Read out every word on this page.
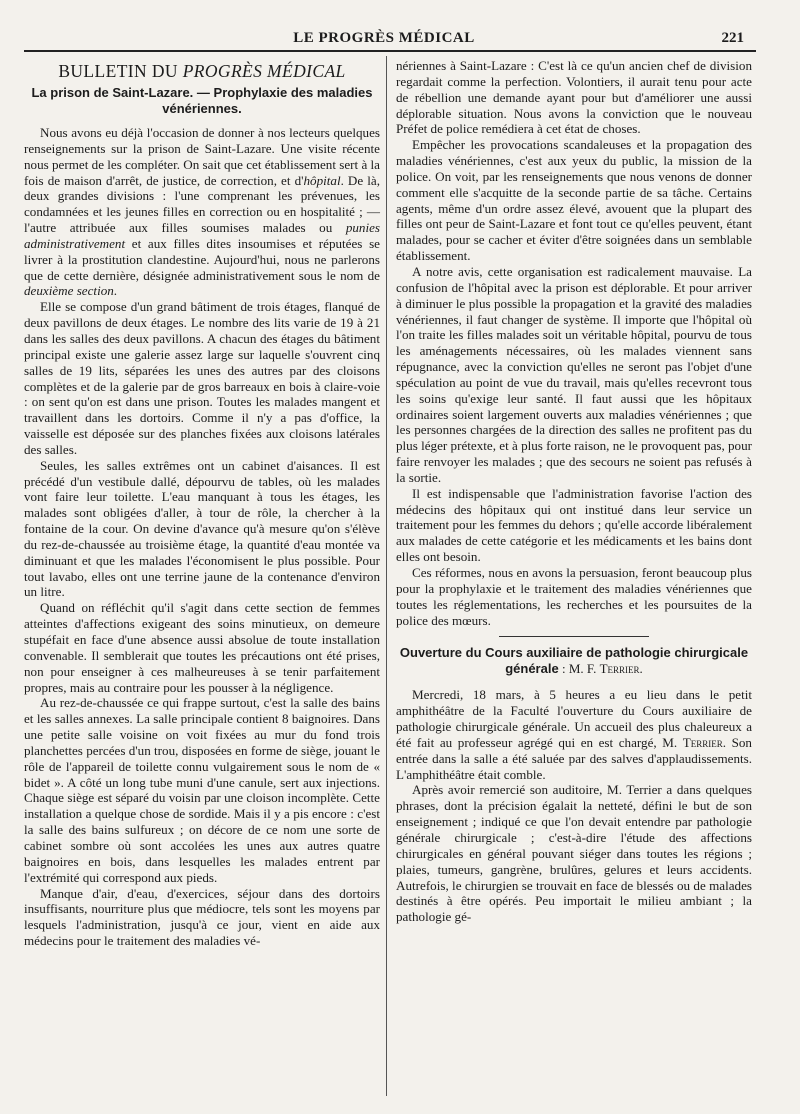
LE PROGRÈS MÉDICAL	221
BULLETIN DU PROGRÈS MÉDICAL
La prison de Saint-Lazare. — Prophylaxie des maladies vénériennes.

Nous avons eu déjà l'occasion de donner à nos lecteurs quelques renseignements sur la prison de Saint-Lazare. Une visite récente nous permet de les compléter. On sait que cet établissement sert à la fois de maison d'arrêt, de justice, de correction, et d'hôpital. De là, deux grandes divisions : l'une comprenant les prévenues, les condamnées et les jeunes filles en correction ou en hospitalité ; — l'autre attribuée aux filles soumises malades ou punies administrativement et aux filles dites insoumises et réputées se livrer à la prostitution clandestine. Aujourd'hui, nous ne parlerons que de cette dernière, désignée administrativement sous le nom de deuxième section.

Elle se compose d'un grand bâtiment de trois étages, flanqué de deux pavillons de deux étages. Le nombre des lits varie de 19 à 21 dans les salles des deux pavillons. A chacun des étages du bâtiment principal existe une galerie assez large sur laquelle s'ouvrent cinq salles de 19 lits, séparées les unes des autres par des cloisons complètes et de la galerie par de gros barreaux en bois à claire-voie : on sent qu'on est dans une prison. Toutes les malades mangent et travaillent dans les dortoirs. Comme il n'y a pas d'office, la vaisselle est déposée sur des planches fixées aux cloisons latérales des salles.

Seules, les salles extrêmes ont un cabinet d'aisances. Il est précédé d'un vestibule dallé, dépourvu de tables, où les malades vont faire leur toilette. L'eau manquant à tous les étages, les malades sont obligées d'aller, à tour de rôle, la chercher à la fontaine de la cour. On devine d'avance qu'à mesure qu'on s'élève du rez-de-chaussée au troisième étage, la quantité d'eau montée va diminuant et que les malades l'économisent le plus possible. Pour tout lavabo, elles ont une terrine jaune de la contenance d'environ un litre.

Quand on réfléchit qu'il s'agit dans cette section de femmes atteintes d'affections exigeant des soins minutieux, on demeure stupéfait en face d'une absence aussi absolue de toute installation convenable. Il semblerait que toutes les précautions ont été prises, non pour enseigner à ces malheureuses à se tenir parfaitement propres, mais au contraire pour les pousser à la négligence.

Au rez-de-chaussée ce qui frappe surtout, c'est la salle des bains et les salles annexes. La salle principale contient 8 baignoires. Dans une petite salle voisine on voit fixées au mur du fond trois planchettes percées d'un trou, disposées en forme de siège, jouant le rôle de l'appareil de toilette connu vulgairement sous le nom de « bidet ». A côté un long tube muni d'une canule, sert aux injections. Chaque siège est séparé du voisin par une cloison incomplète. Cette installation a quelque chose de sordide. Mais il y a pis encore : c'est la salle des bains sulfureux ; on décore de ce nom une sorte de cabinet sombre où sont accolées les unes aux autres quatre baignoires en bois, dans lesquelles les malades entrent par l'extrémité qui correspond aux pieds.

Manque d'air, d'eau, d'exercices, séjour dans des dortoirs insuffisants, nourriture plus que médiocre, tels sont les moyens par lesquels l'administration, jusqu'à ce jour, vient en aide aux médecins pour le traitement des maladies vé-

nériennes à Saint-Lazare : C'est là ce qu'un ancien chef de division regardait comme la perfection. Volontiers, il aurait tenu pour acte de rébellion une demande ayant pour but d'améliorer une aussi déplorable situation. Nous avons la conviction que le nouveau Préfet de police remédiera à cet état de choses.

Empêcher les provocations scandaleuses et la propagation des maladies vénériennes, c'est aux yeux du public, la mission de la police. On voit, par les renseignements que nous venons de donner comment elle s'acquitte de la seconde partie de sa tâche. Certains agents, même d'un ordre assez élevé, avouent que la plupart des filles ont peur de Saint-Lazare et font tout ce qu'elles peuvent, étant malades, pour se cacher et éviter d'être soignées dans un semblable établissement.

A notre avis, cette organisation est radicalement mauvaise. La confusion de l'hôpital avec la prison est déplorable. Et pour arriver à diminuer le plus possible la propagation et la gravité des maladies vénériennes, il faut changer de système. Il importe que l'hôpital où l'on traite les filles malades soit un véritable hôpital, pourvu de tous les aménagements nécessaires, où les malades viennent sans répugnance, avec la conviction qu'elles ne seront pas l'objet d'une spéculation au point de vue du travail, mais qu'elles recevront tous les soins qu'exige leur santé. Il faut aussi que les hôpitaux ordinaires soient largement ouverts aux maladies vénériennes ; que les personnes chargées de la direction des salles ne profitent pas du plus léger prétexte, et à plus forte raison, ne le provoquent pas, pour faire renvoyer les malades ; que des secours ne soient pas refusés à la sortie.

Il est indispensable que l'administration favorise l'action des médecins des hôpitaux qui ont institué dans leur service un traitement pour les femmes du dehors ; qu'elle accorde libéralement aux malades de cette catégorie et les médicaments et les bains dont elles ont besoin.

Ces réformes, nous en avons la persuasion, feront beaucoup plus pour la prophylaxie et le traitement des maladies vénériennes que toutes les réglementations, les recherches et les poursuites de la police des mœurs.

Ouverture du Cours auxiliaire de pathologie chirurgicale générale : M. F. Terrier.

Mercredi, 18 mars, à 5 heures a eu lieu dans le petit amphithéâtre de la Faculté l'ouverture du Cours auxiliaire de pathologie chirurgicale générale. Un accueil des plus chaleureux a été fait au professeur agrégé qui en est chargé, M. Terrier. Son entrée dans la salle a été saluée par des salves d'applaudissements. L'amphithéâtre était comble.

Après avoir remercié son auditoire, M. Terrier a dans quelques phrases, dont la précision égalait la netteté, défini le but de son enseignement ; indiqué ce que l'on devait entendre par pathologie générale chirurgicale ; c'est-à-dire l'étude des affections chirurgicales en général pouvant siéger dans toutes les régions ; plaies, tumeurs, gangrène, brulûres, gelures et leurs accidents. Autrefois, le chirurgien se trouvait en face de blessés ou de malades destinés à être opérés. Peu importait le milieu ambiant ; la pathologie gé-
